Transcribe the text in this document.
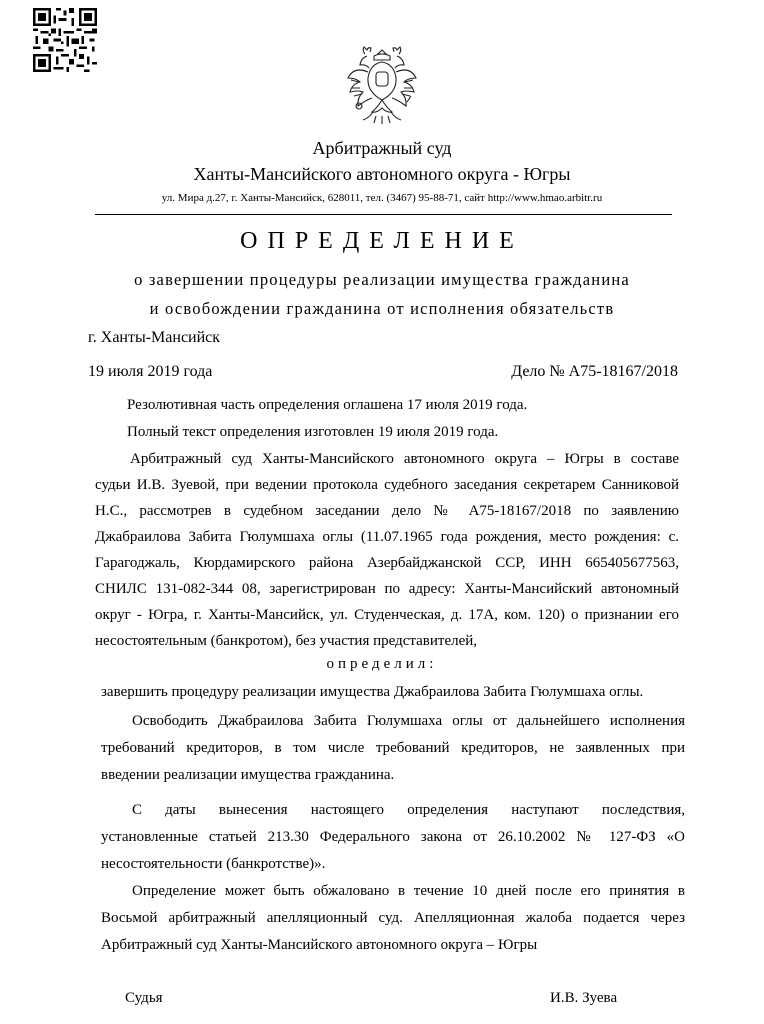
Арбитражный суд
Ханты-Мансийского автономного округа - Югры
ул. Мира д.27, г. Ханты-Мансийск, 628011, тел. (3467) 95-88-71, сайт http://www.hmao.arbitr.ru
ОПРЕДЕЛЕНИЕ
о завершении процедуры реализации имущества гражданина
и освобождении гражданина от исполнения обязательств
г. Ханты-Мансийск
19 июля 2019 года	Дело № А75-18167/2018
Резолютивная часть определения оглашена 17 июля 2019 года.
Полный текст определения изготовлен 19 июля 2019 года.
Арбитражный суд Ханты-Мансийского автономного округа – Югры в составе
судьи И.В. Зуевой, при ведении протокола судебного заседания секретарем Санниковой
Н.С., рассмотрев в судебном заседании дело № А75-18167/2018 по заявлению
Джабраилова Забита Гюлумшаха оглы (11.07.1965 года рождения, место рождения: с.
Гарагоджаль, Кюрдамирского района Азербайджанской ССР, ИНН 665405677563,
СНИЛС 131-082-344 08, зарегистрирован по адресу: Ханты-Мансийский автономный
округ - Югра, г. Ханты-Мансийск, ул. Студенческая, д. 17А, ком. 120) о признании его
несостоятельным (банкротом), без участия представителей,
определил:
завершить процедуру реализации имущества Джабраилова Забита Гюлумшаха оглы.
Освободить Джабраилова Забита Гюлумшаха оглы от дальнейшего исполнения
требований кредиторов, в том числе требований кредиторов, не заявленных при
введении реализации имущества гражданина.
С даты вынесения настоящего определения наступают последствия,
установленные статьей 213.30 Федерального закона от 26.10.2002 № 127-ФЗ «О
несостоятельности (банкротстве)».
Определение может быть обжаловано в течение 10 дней после его принятия в
Восьмой арбитражный апелляционный суд. Апелляционная жалоба подается через
Арбитражный суд Ханты-Мансийского автономного округа – Югры
Судья	И.В. Зуева
